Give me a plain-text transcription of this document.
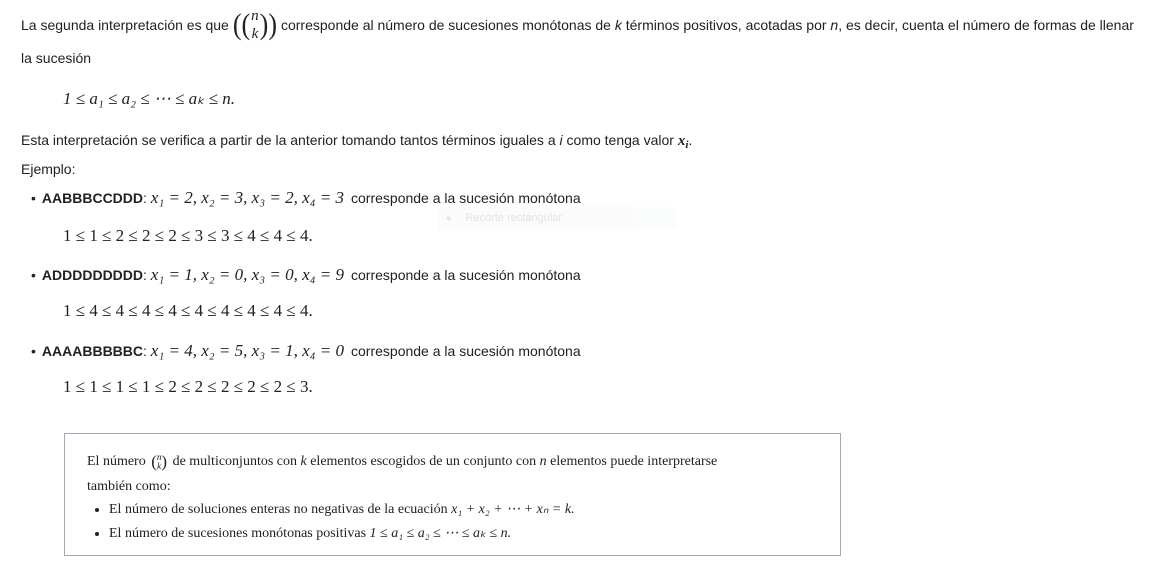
La segunda interpretación es que (( n
k )) corresponde al número de sucesiones monótonas de
k
términos positivos, acotadas por
n , es decir, cuenta el número de formas de llenar
la sucesión
1 ≤ a₁ ≤ a₂ ≤ ⋯ ≤ aₖ ≤ n.
Esta interpretación se verifica a partir de la anterior tomando tantos términos iguales a i como tenga valor $x_i$.
Ejemplo:
• AABBBCCDDD :
x₁ = 2, x₂ = 3, x₃ = 2, x₄ = 3 corresponde a la sucesión monótona
1 ≤ 1 ≤ 2 ≤ 2 ≤ 2 ≤ 3 ≤ 3 ≤ 4 ≤ 4 ≤ 4.
● Recorte rectangular
• ADDDDDDDDD :
x₁ = 1, x₂ = 0, x₃ = 0, x₄ = 9 corresponde a la sucesión monótona
1 ≤ 4 ≤ 4 ≤ 4 ≤ 4 ≤ 4 ≤ 4 ≤ 4 ≤ 4 ≤ 4.
• AAAABBBBBC :
x₁ = 4, x₂ = 5, x₃ = 1, x₄ = 0 corresponde a la sucesión monótona
1 ≤ 1 ≤ 1 ≤ 1 ≤ 2 ≤ 2 ≤ 2 ≤ 2 ≤ 2 ≤ 3.
El número ( n
k ) de multiconjuntos con k elementos escogidos de un conjunto con n elementos puede interpretarse
también como:
• El número de soluciones enteras no negativas de la ecuación x₁ + x₂ + ⋯ + xₙ = k.
• El número de sucesiones monótonas positivas 1 ≤ a₁ ≤ a₂ ≤ ⋯ ≤ aₖ ≤ n.
